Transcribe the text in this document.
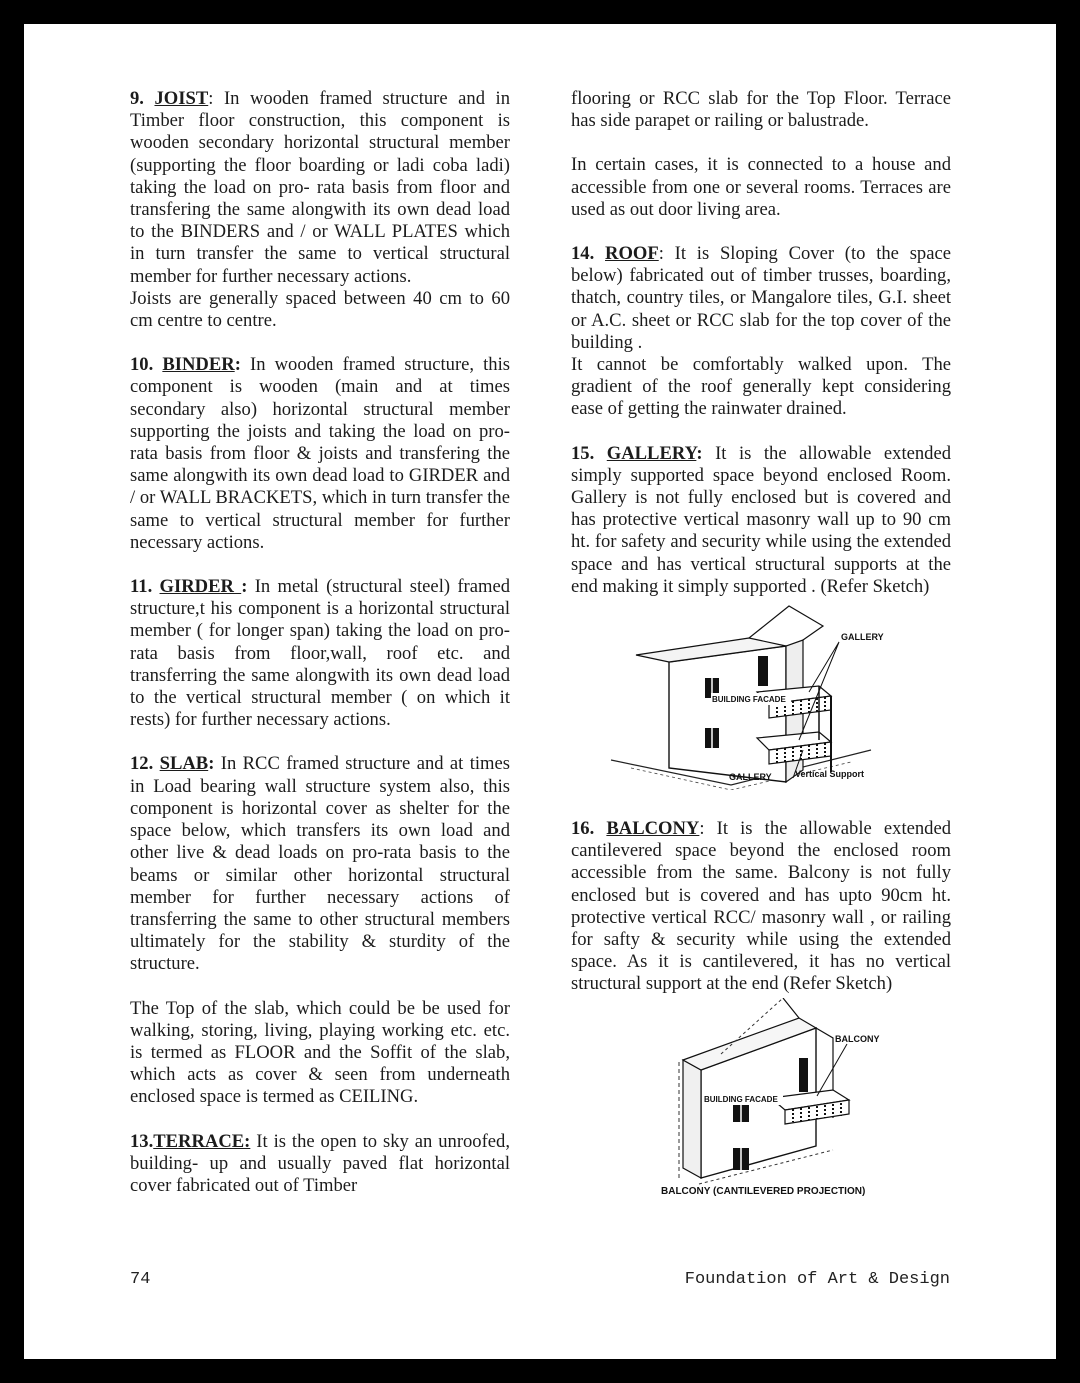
9. JOIST: In wooden framed structure and in Timber floor construction, this component is wooden secondary horizontal structural member (supporting the floor boarding or ladi coba ladi) taking the load on pro- rata basis from floor and transfering the same alongwith its own dead load to the BINDERS and / or WALL PLATES which in turn transfer the same to vertical structural member for further necessary actions.

Joists are generally spaced between 40 cm to 60 cm centre to centre.

10. BINDER: In wooden framed structure, this component is wooden (main and at times secondary also) horizontal structural member supporting the joists and taking the load on pro-rata basis from floor & joists and transfering the same alongwith its own dead load to GIRDER and / or WALL BRACKETS, which in turn transfer the same to vertical structural member for further necessary actions.

11. GIRDER : In metal (structural steel) framed structure,t his component is a horizontal structural member ( for longer span) taking the load on pro-rata basis from floor,wall, roof etc. and transferring the same alongwith its own dead load to the vertical structural member ( on which it rests) for further necessary actions.

12. SLAB: In RCC framed structure and at times in Load bearing wall structure system also, this component is horizontal cover as shelter for the space below, which transfers its own load and other live & dead loads on pro-rata basis to the beams or similar other horizontal structural member for further necessary actions of transferring the same to other structural members ultimately for the stability & sturdity of the structure.

The Top of the slab, which could be be used for walking, storing, living, playing working etc. etc. is termed as FLOOR and the Soffit of the slab, which acts as cover & seen from underneath enclosed space is termed as CEILING.

13.TERRACE: It is the open to sky an unroofed, building- up and usually paved flat horizontal cover fabricated out of Timber

flooring or RCC slab for the Top Floor. Terrace has side parapet or railing or balustrade.

In certain cases, it is connected to a house and accessible from one or several rooms. Terraces are used as out door living area.

14. ROOF: It is Sloping Cover (to the space below) fabricated out of timber trusses, boarding, thatch, country tiles, or Mangalore tiles, G.I. sheet or A.C. sheet or RCC slab for the top cover of the building .

It cannot be comfortably walked upon. The gradient of the roof generally kept considering ease of getting the rainwater drained.

15. GALLERY: It is the allowable extended simply supported space beyond enclosed Room. Gallery is not fully enclosed but is covered and has protective vertical masonry wall up to 90 cm ht. for safety and security while using the extended space and has vertical structural supports at the end making it simply supported . (Refer Sketch)

GALLERY
BUILDING FACADE
GALLERY	Vertical Support

16. BALCONY: It is the allowable extended cantilevered space beyond the enclosed room accessible from the same. Balcony is not fully enclosed but is covered and has upto 90cm ht. protective vertical RCC/ masonry wall , or railing for safty & security while using the extended space. As it is cantilevered, it has no vertical structural support at the end (Refer Sketch)

BALCONY
BUILDING FACADE
BALCONY (CANTILEVERED PROJECTION)
74	Foundation of Art & Design
